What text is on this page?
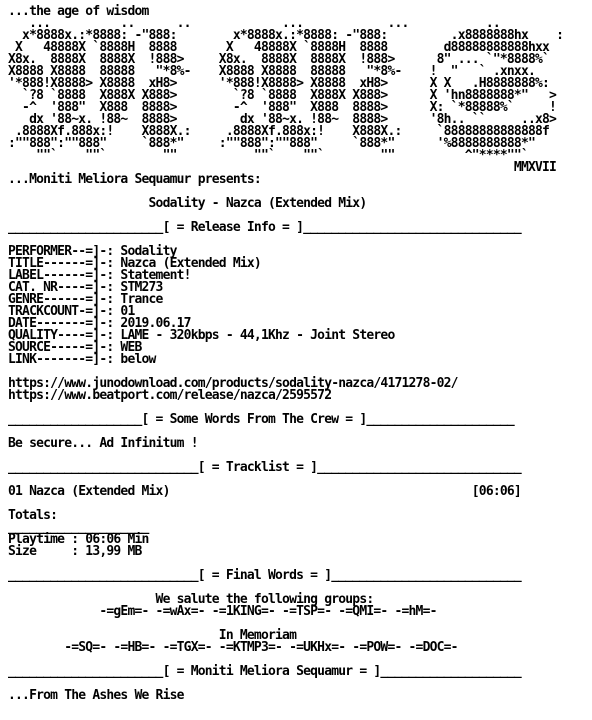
...the age of wisdom
...          ..      ..             ...            ...           ..
x*8888x.:*8888: -"888:        x*8888x.:*8888: -"888:         .x8888888hx    :
X   48888X `8888H  8888       X   48888X `8888H  8888        d88888888888hxx
X8x.  8888X  8888X  !888>     X8x.  8888X  8888X  !888>      8" ... `"*8888%`
X8888 X8888  88888   "*8%-    X8888 X8888  88888   "*8%-    !  "   ` .xnxx.
'*888!X8888> X8888  xH8>      '*888!X8888> X8888  xH8>      X X   .H8888888%:
`?8 `8888  X888X X888>        `?8 `8888  X888X X888>      X 'hn8888888*"   >
-^  '888"  X888  8888>        -^  '888"  X888  8888>      X: `*88888%`     !
dx '88~x. !88~  8888>         dx '88~x. !88~  8888>      '8h.. ``     ..x8>
.8888Xf.888x:!    X888X.:     .8888Xf.888x:!    X888X.:     `88888888888888f
:""888":""888"     `888*"     :""888":""888"     `888*"      '%8888888888*"
""`    ""`        ""           ""`    ""`        ""          ^"****""`
MMXVII
...Moniti Meliora Sequamur presents:
Sodality - Nazca (Extended Mix)
______________________[ = Release Info = ]_______________________________
PERFORMER--=]-: Sodality
TITLE------=]-: Nazca (Extended Mix)
LABEL------=]-: Statement!
CAT. NR----=]-: STM273
GENRE------=]-: Trance
TRACKCOUNT-=]-: 01
DATE-------=]-: 2019.06.17
QUALITY----=]-: LAME - 320kbps - 44,1Khz - Joint Stereo
SOURCE-----=]-: WEB
LINK-------=]-: below
https://www.junodownload.com/products/sodality-nazca/4171278-02/
https://www.beatport.com/release/nazca/2595572
___________________[ = Some Words From The Crew = ]_____________________
Be secure... Ad Infinitum !
___________________________[ = Tracklist = ]_____________________________
01 Nazca (Extended Mix)                                           [06:06]
Totals:
____________________
Playtime : 06:06 Min
Size     : 13,99 MB
___________________________[ = Final Words = ]___________________________
We salute the following groups:
-=gEm=- -=wAx=- -=1KING=- -=TSP=- -=QMI=- -=hM=-
In Memoriam
-=SQ=- -=HB=- -=TGX=- -=KTMP3=- -=UKHx=- -=POW=- -=DOC=-
______________________[ = Moniti Meliora Sequamur = ]____________________
...From The Ashes We Rise
